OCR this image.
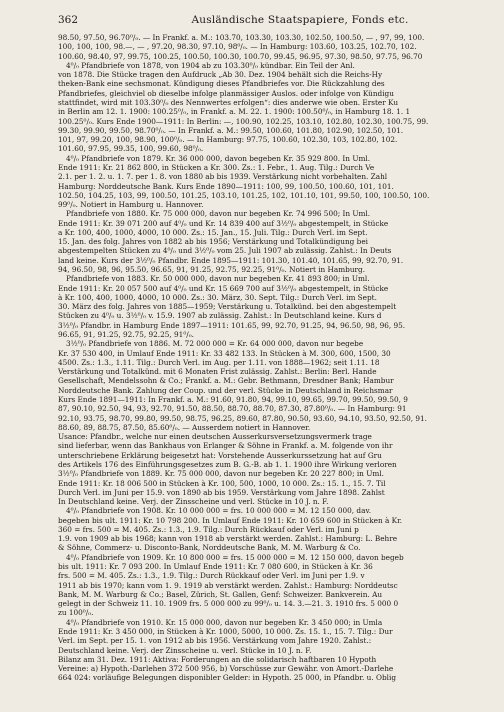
362	Ausländische Staatspapiere, Fonds etc.
98.50, 97.50, 96.70⁰/₀. — In Frankf. a. M.: 103.70, 103.30, 103.30, 102.50, 100.50, — , 97, 99, 100.
100, 100, 100, 98.—, — , 97.20, 98.30, 97.10, 98⁰/₀. — In Hamburg: 103.60, 103.25, 102.70, 102.
100.60, 98.40, 97, 99.75, 100.25, 100.50, 100.30, 100.70, 99.45, 96.95, 97.30, 98.50, 97.75, 96.70
4⁰/₀ Pfandbriefe von 1878, von 1904 ab zu 103.30⁰/₀ kündbar. Ein Teil der Anl.
von 1878. Die Stücke tragen den Aufdruck „Ab 30. Dez. 1904 behält sich die Reichs-Hy
theken-Bank eine sechsmonat. Kündigung dieses Pfandbriefes vor. Die Rückzahlung des
Pfandbriefes, gleichviel ob dieselbe infolge planmässiger Auslos. oder infolge von Kündigu
stattfindet, wird mit 103.30⁰/₀ des Nennwertes erfolgen“: dies anderwe wie oben. Erster Ku
in Berlin am 12. 1. 1900: 100.25⁰/₀, in Frankf. a. M. 22. 1. 1900: 100.50⁰/₀, in Hamburg 18. 1. 1
100.25⁰/₀. Kurs Ende 1900—1911: In Berlin: —, 100.90, 102.25, 103.10, 102.80, 102.30, 100.75, 99.
99.30, 99.90, 99.50, 98.70⁰/₀. — In Frankf. a. M.: 99.50, 100.60, 101.80, 102.90, 102.50, 101.
101, 97, 99.20, 100, 98.90, 100⁰/₀. — In Hamburg: 97.75, 100.60, 102.30, 103, 102.80, 102.
101.60, 97.95, 99.35, 100, 99.60, 98⁰/₀.
4⁰/₀ Pfandbriefe von 1879. Kr. 36 000 000, davon begeben Kr. 35 929 800. In Uml.
Ende 1911: Kr. 21 862 800, in Stücken a Kr. 300. Zs.: 1. Febr., 1. Aug. Tilg.: Durch Ve
2.1. per 1. 2. u. 1. 7. per 1. 8. von 1880 ab bis 1939. Verstärkung nicht vorbehalten. Zahl
Hamburg: Norddeutsche Bank. Kurs Ende 1890—1911: 100, 99, 100.50, 100.60, 101, 101.
102.50, 104.25, 103, 99, 100.50, 101.25, 103.10, 101.25, 102, 101.10, 101, 99.50, 100, 100.50, 100.
99⁰/₀. Notiert in Hamburg u. Hannover.
Pfandbriefe von 1880. Kr. 75 000 000, davon nur begeben Kr. 74 996 500; In Uml.
Ende 1911: Kr. 39 071 200 auf 4⁰/₀ und Kr. 14 839 400 auf 3½⁰/₀ abgestempelt, in Stücke
a Kr. 100, 400, 1000, 4000, 10 000. Zs.: 15. Jan., 15. Juli. Tilg.: Durch Verl. im Sept.
15. Jan. des folg. Jahres von 1882 ab bis 1956; Verstärkung und Totalkündigung bei
abgestempelten Stücken zu 4⁰/₀ und 3½⁰/₀ vom 25. Juli 1907 ab zulässig. Zahlst.: In Deuts
land keine. Kurs der 3½⁰/₀ Pfandbr. Ende 1895—1911: 101.30, 101.40, 101.65, 99, 92.70, 91.
94, 96.50, 98, 96, 95.50, 96.65, 91, 91.25, 92.75, 92.25, 91⁰/₀. Notiert in Hamburg.
Pfandbriefe von 1883. Kr. 50 000 000, davon nur begeben Kr. 41 893 800; in Uml.
Ende 1911: Kr. 20 057 500 auf 4⁰/₀ und Kr. 15 669 700 auf 3½⁰/₀ abgestempelt, in Stücke
à Kr. 100, 400, 1000, 4000, 10 000. Zs.: 30. März, 30. Sept. Tilg.: Durch Verl. im Sept.
30. März des folg. Jahres von 1885—1959; Verstärkung u. Totalkünd. bei den abgestempelt
Stücken zu 4⁰/₀ u. 3½⁰/₀ v. 15.9. 1907 ab zulässig. Zahlst.: In Deutschland keine. Kurs d
3½⁰/₀ Pfandbr. in Hamburg Ende 1897—1911: 101.65, 99, 92.70, 91.25, 94, 96.50, 98, 96, 95.
96.65, 91, 91.25, 92.75, 92.25, 91⁰/₀.
3½⁰/₀ Pfandbriefe von 1886. M. 72 000 000 = Kr. 64 000 000, davon nur begebe
Kr. 37 530 400, in Umlauf Ende 1911: Kr. 33 482 133. In Stücken à M. 300, 600, 1500, 30
4500. Zs.: 1.3., 1.11. Tilg.: Durch Verl. im Aug. per 1.11. von 1888—1962; seit 1.11. 18
Verstärkung und Totalkünd. mit 6 Monaten Frist zulässig. Zahlst.: Berlin: Berl. Hande
Gesellschaft, Mendelssohn & Co.; Frankf. a. M.: Gebr. Bethmann, Dresdner Bank; Hambur
Norddeutsche Bank. Zahlung der Coup. und der verl. Stücke in Deutschland in Reichsmar
Kurs Ende 1891—1911: In Frankf. a. M.: 91.60, 91.80, 94, 99.10, 99.65, 99.70, 99.50, 99.50, 9
87, 90.10, 92.50, 94, 93, 92.70, 91.50, 88.50, 88.70, 88.70, 87.30, 87.80⁰/₀. — In Hamburg: 91
92.10, 93.75, 98.70, 99.80, 99.50, 98.75, 96.25, 89.60, 87.80, 90.50, 93.60, 94.10, 93.50, 92.50, 91.
88.60, 89, 88.75, 87.50, 85.60⁰/₀. — Ausserdem notiert in Hannover.
Usance: Pfandbr., welche nur einen deutschen Ausserkursversetzungsvermerk trage
sind lieferbar, wenn das Bankhaus von Erlanger & Söhne in Frankf. a. M. folgende von ihr
unterschriebene Erklärung beigesetzt hat: Vorstehende Ausserkurssetzung hat auf Gru
des Artikels 176 des Einführungsgesetzes zum B. G.-B. ab 1. 1. 1900 ihre Wirkung verloren
3½⁰/₀ Pfandbriefe von 1889. Kr. 75 000 000, davon nur begeben Kr. 20 227 800; in Uml.
Ende 1911: Kr. 18 006 500 in Stücken à Kr. 100, 500, 1000, 10 000. Zs.: 15. 1., 15. 7. Til
Durch Verl. im Juni per 15.9. von 1890 ab bis 1959. Verstärkung vom Jahre 1898. Zahlst
In Deutschland keine. Verj. der Zinsscheine und verl. Stücke in 10 J. n. F.
4⁰/₀ Pfandbriefe von 1908. Kr. 10 000 000 = frs. 10 000 000 = M. 12 150 000, dav.
begeben bis ult. 1911: Kr. 10 798 200. In Umlauf Ende 1911: Kr. 10 659 600 in Stücken à Kr.
360 = frs. 500 = M. 405. Zs.: 1.3., 1.9. Tilg.: Durch Rückkauf oder Verl. im Juni p
1.9. von 1909 ab bis 1968; kann von 1918 ab verstärkt werden. Zahlst.: Hamburg: L. Behre
& Söhne, Commerz- u. Disconto-Bank, Norddeutsche Bank, M. M. Warburg & Co.
4⁰/₀ Pfandbriefe von 1909. Kr. 10 800 000 = frs. 15 000 000 = M. 12 150 000, davon begeb
bis ult. 1911: Kr. 7 093 200. In Umlauf Ende 1911: Kr. 7 080 600, in Stücken à Kr. 36
frs. 500 = M. 405. Zs.: 1.3., 1.9. Tilg.: Durch Rückkauf oder Verl. im Juni per 1.9. v
1911 ab bis 1970; kann vom 1. 9. 1919 ab verstärkt werden. Zahlst.: Hamburg: Norddeutsc
Bank, M. M. Warburg & Co.; Basel, Zürich, St. Gallen, Genf: Schweizer. Bankverein. Au
gelegt in der Schweiz 11. 10. 1909 frs. 5 000 000 zu 99⁰/₀ u. 14. 3.—21. 3. 1910 frs. 5 000 0
zu 100⁰/₀.
4⁰/₀ Pfandbriefe von 1910. Kr. 15 000 000, davon nur begeben Kr. 3 450 000; in Umla
Ende 1911: Kr. 3 450 000, in Stücken à Kr. 1000, 5000, 10 000. Zs. 15. 1., 15. 7. Tilg.: Dur
Verl. im Sept. per 15. 1. von 1912 ab bis 1956. Verstärkung vom Jahre 1920. Zahlst.:
Deutschland keine. Verj. der Zinsscheine u. verl. Stücke in 10 J. n. F.
Bilanz am 31. Dez. 1911: Aktiva: Forderungen an die solidarisch haftbaren 10 Hypoth
Vereine: a) Hypoth.-Darlehen 372 500 956, b) Vorschüsse zur Gewähr. von Amort.-Darlehe
664 024: vorläufige Belegungen disponibler Gelder: in Hypoth. 25 000, in Pfandbr. u. Oblig
